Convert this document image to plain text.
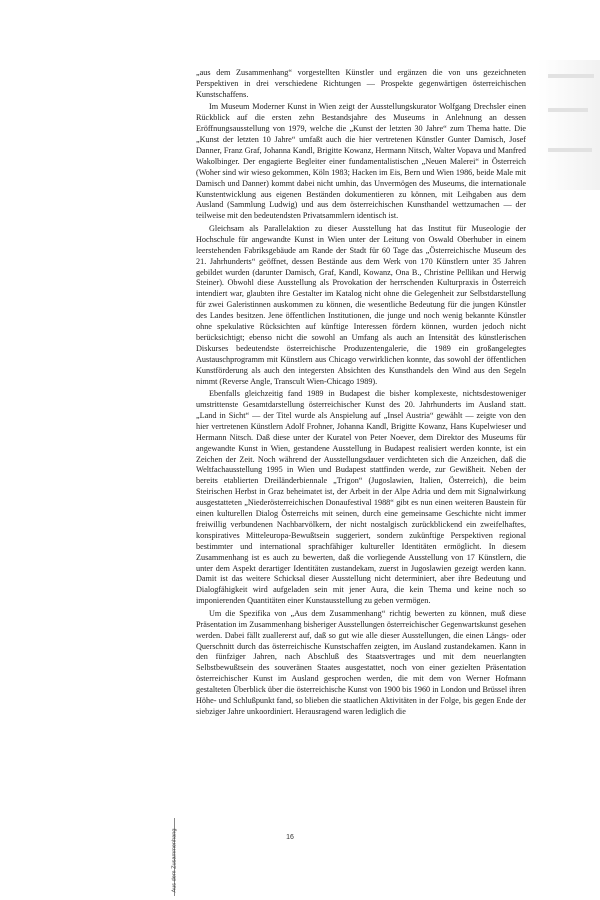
„aus dem Zusammenhang“ vorgestellten Künstler und ergänzen die von uns gezeichneten Perspektiven in drei verschiedene Richtungen — Prospekte gegenwärtigen österreichischen Kunstschaffens.

Im Museum Moderner Kunst in Wien zeigt der Ausstellungskurator Wolfgang Drechsler einen Rückblick auf die ersten zehn Bestandsjahre des Museums in Anlehnung an dessen Eröffnungsausstellung von 1979, welche die „Kunst der letzten 30 Jahre“ zum Thema hatte. Die „Kunst der letzten 10 Jahre“ umfaßt auch die hier vertretenen Künstler Gunter Damisch, Josef Danner, Franz Graf, Johanna Kandl, Brigitte Kowanz, Hermann Nitsch, Walter Vopava und Manfred Wakolbinger. Der engagierte Begleiter einer fundamentalistischen „Neuen Malerei“ in Österreich (Woher sind wir wieso gekommen, Köln 1983; Hacken im Eis, Bern und Wien 1986, beide Male mit Damisch und Danner) kommt dabei nicht umhin, das Unvermögen des Museums, die internationale Kunstentwicklung aus eigenen Beständen dokumentieren zu können, mit Leihgaben aus dem Ausland (Sammlung Ludwig) und aus dem österreichischen Kunsthandel wettzumachen — der teilweise mit den bedeutendsten Privatsammlern identisch ist.

Gleichsam als Parallelaktion zu dieser Ausstellung hat das Institut für Museologie der Hochschule für angewandte Kunst in Wien unter der Leitung von Oswald Oberhuber in einem leerstehenden Fabriksgebäude am Rande der Stadt für 60 Tage das „Österreichische Museum des 21. Jahrhunderts“ geöffnet, dessen Bestände aus dem Werk von 170 Künstlern unter 35 Jahren gebildet wurden (darunter Damisch, Graf, Kandl, Kowanz, Ona B., Christine Pellikan und Herwig Steiner). Obwohl diese Ausstellung als Provokation der herrschenden Kulturpraxis in Österreich intendiert war, glaubten ihre Gestalter im Katalog nicht ohne die Gelegenheit zur Selbstdarstellung für zwei Galeristinnen auskommen zu können, die wesentliche Bedeutung für die jungen Künstler des Landes besitzen. Jene öffentlichen Institutionen, die junge und noch wenig bekannte Künstler ohne spekulative Rücksichten auf künftige Interessen fördern können, wurden jedoch nicht berücksichtigt; ebenso nicht die sowohl an Umfang als auch an Intensität des künstlerischen Diskurses bedeutendste österreichische Produzentengalerie, die 1989 ein großangelegtes Austauschprogramm mit Künstlern aus Chicago verwirklichen konnte, das sowohl der öffentlichen Kunstförderung als auch den integersten Absichten des Kunsthandels den Wind aus den Segeln nimmt (Reverse Angle, Transcult Wien-Chicago 1989).

Ebenfalls gleichzeitig fand 1989 in Budapest die bisher komplexeste, nichtsdestoweniger umstrittenste Gesamtdarstellung österreichischer Kunst des 20. Jahrhunderts im Ausland statt. „Land in Sicht“ — der Titel wurde als Anspielung auf „Insel Austria“ gewählt — zeigte von den hier vertretenen Künstlern Adolf Frohner, Johanna Kandl, Brigitte Kowanz, Hans Kupelwieser und Hermann Nitsch. Daß diese unter der Kuratel von Peter Noever, dem Direktor des Museums für angewandte Kunst in Wien, gestandene Ausstellung in Budapest realisiert werden konnte, ist ein Zeichen der Zeit. Noch während der Ausstellungsdauer verdichteten sich die Anzeichen, daß die Weltfachausstellung 1995 in Wien und Budapest stattfinden werde, zur Gewißheit. Neben der bereits etablierten Dreiländerbiennale „Trigon“ (Jugoslawien, Italien, Österreich), die beim Steirischen Herbst in Graz beheimatet ist, der Arbeit in der Alpe Adria und dem mit Signalwirkung ausgestatteten „Niederösterreichischen Donaufestival 1988“ gibt es nun einen weiteren Baustein für einen kulturellen Dialog Österreichs mit seinen, durch eine gemeinsame Geschichte nicht immer freiwillig verbundenen Nachbarvölkern, der nicht nostalgisch zurückblickend ein zweifelhaftes, konspiratives Mitteleuropa-Bewußtsein suggeriert, sondern zukünftige Perspektiven regional bestimmter und international sprachfähiger kultureller Identitäten ermöglicht. In diesem Zusammenhang ist es auch zu bewerten, daß die vorliegende Ausstellung von 17 Künstlern, die unter dem Aspekt derartiger Identitäten zustandekam, zuerst in Jugoslawien gezeigt werden kann. Damit ist das weitere Schicksal dieser Ausstellung nicht determiniert, aber ihre Bedeutung und Dialogfähigkeit wird aufgeladen sein mit jener Aura, die kein Thema und keine noch so imponierenden Quantitäten einer Kunstausstellung zu geben vermögen.

Um die Spezifika von „Aus dem Zusammenhang“ richtig bewerten zu können, muß diese Präsentation im Zusammenhang bisheriger Ausstellungen österreichischer Gegenwartskunst gesehen werden. Dabei fällt zuallererst auf, daß so gut wie alle dieser Ausstellungen, die einen Längs- oder Querschnitt durch das österreichische Kunstschaffen zeigten, im Ausland zustandekamen. Kann in den fünfziger Jahren, nach Abschluß des Staatsvertrages und mit dem neuerlangten Selbstbewußtsein des souveränen Staates ausgestattet, noch von einer gezielten Präsentation österreichischer Kunst im Ausland gesprochen werden, die mit dem von Werner Hofmann gestalteten Überblick über die österreichische Kunst von 1900 bis 1960 in London und Brüssel ihren Höhe- und Schlußpunkt fand, so blieben die staatlichen Aktivitäten in der Folge, bis gegen Ende der siebziger Jahre unkoordiniert. Herausragend waren lediglich die

16
Aus dem Zusammenhang
